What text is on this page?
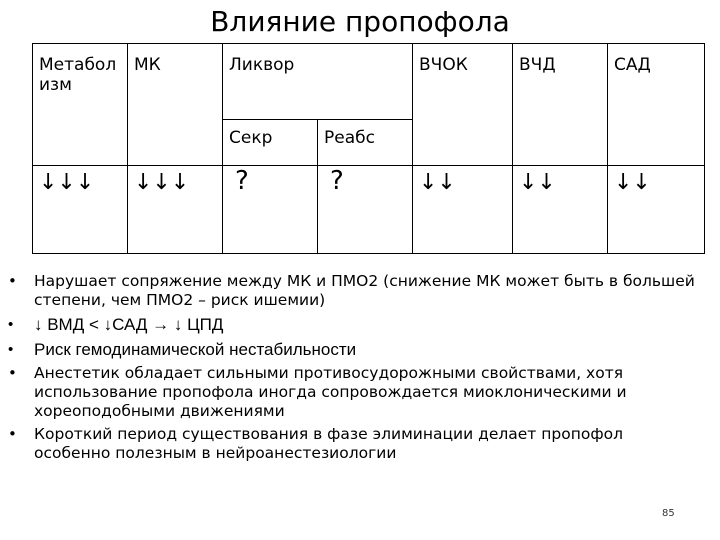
Влияние пропофола
Метабол изм	МК	Ликвор		ВЧОК	ВЧД	САД

		Секр	Реабс			

↓↓↓	↓↓↓	?	?	↓↓	↓↓	↓↓
• Нарушает сопряжение между МК и ПМО2 (снижение МК может быть в большей степени, чем ПМО2 – риск ишемии)
• ↓ ВМД < ↓САД → ↓ ЦПД
• Риск гемодинамической нестабильности
• Анестетик обладает сильными противосудорожными свойствами, хотя использование пропофола иногда сопровождается миоклоническими и хореоподобными движениями
• Короткий период существования в фазе элиминации делает пропофол особенно полезным в нейроанестезиологии
85
